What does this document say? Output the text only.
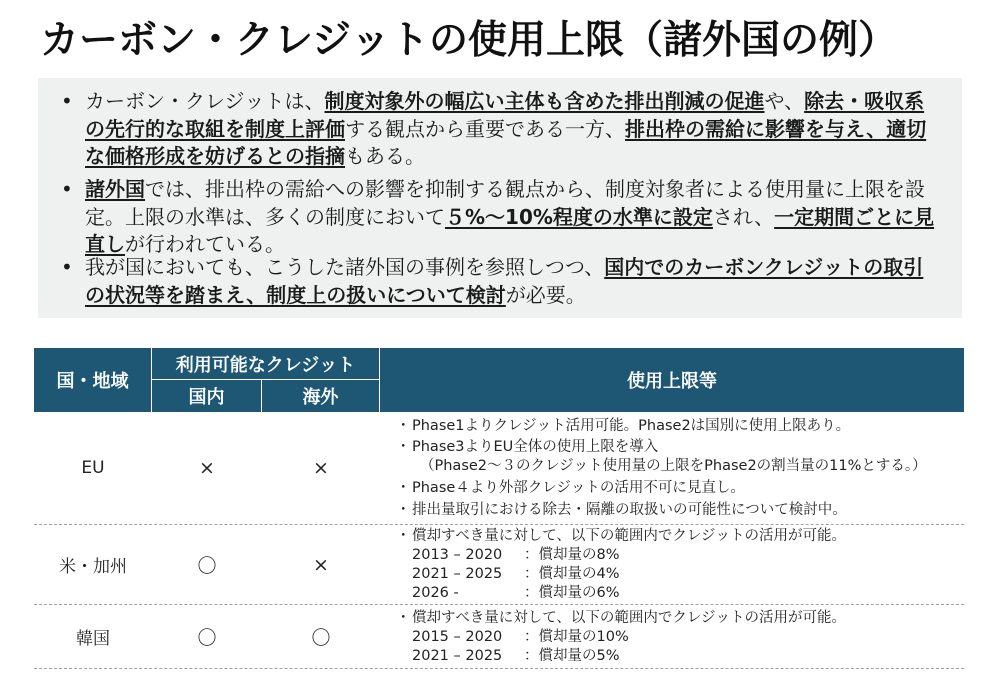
カーボン・クレジットの使用上限（諸外国の例）
• カーボン・クレジットは、制度対象外の幅広い主体も含めた排出削減の促進や、除去・吸収系の先行的な取組を制度上評価する観点から重要である一方、排出枠の需給に影響を与え、適切な価格形成を妨げるとの指摘もある。
• 諸外国では、排出枠の需給への影響を抑制する観点から、制度対象者による使用量に上限を設定。上限の水準は、多くの制度において５%～10%程度の水準に設定され、一定期間ごとに見直しが行われている。
• 我が国においても、こうした諸外国の事例を参照しつつ、国内でのカーボンクレジットの取引の状況等を踏まえ、制度上の扱いについて検討が必要。
国・地域
利用可能なクレジット
国内	海外
使用上限等
EU	×	×
・ Phase1よりクレジット活用可能。Phase2は国別に使用上限あり。
・ Phase3よりEU全体の使用上限を導入
（Phase2～３のクレジット使用量の上限をPhase2の割当量の11%とする。）
・ Phase４より外部クレジットの活用不可に見直し。
・ 排出量取引における除去・隔離の取扱いの可能性について検討中。
米・加州	〇	×
・ 償却すべき量に対して、以下の範囲内でクレジットの活用が可能。
2013 – 2020 ：償却量の8%
2021 – 2025 ：償却量の4%
2026 -	：償却量の6%
韓国	〇	〇
・ 償却すべき量に対して、以下の範囲内でクレジットの活用が可能。
2015 – 2020 ：償却量の10%
2021 – 2025 ：償却量の5%
